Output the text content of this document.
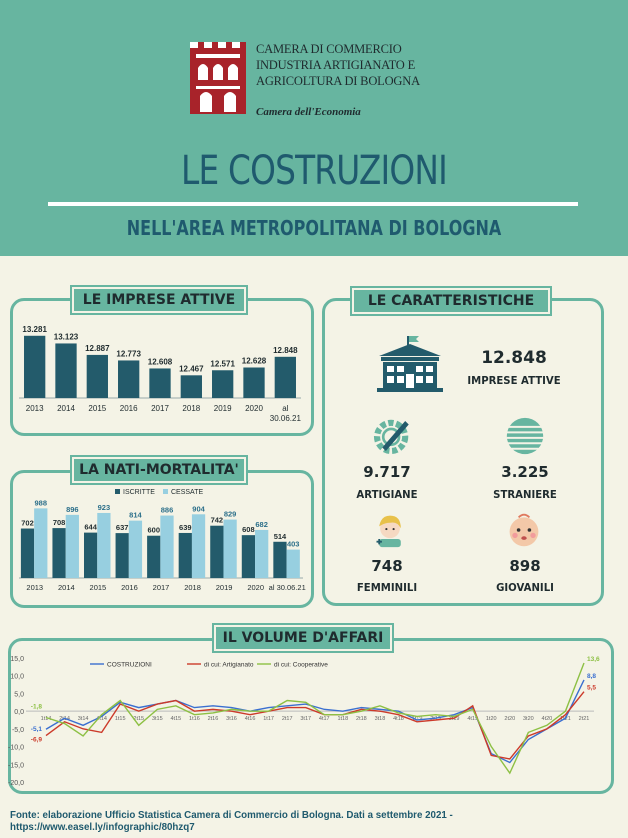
CAMERA DI COMMERCIO
INDUSTRIA ARTIGIANATO E
AGRICOLTURA DI BOLOGNA
Camera dell'Economia
LE COSTRUZIONI
NELL'AREA METROPOLITANA DI BOLOGNA
LE IMPRESE ATTIVE
13.281
2013
13.123
2014
12.887
2015
12.773
2016
12.608
2017
12.467
2018
12.571
2019
12.628
2020
12.848
al
30.06.21
LA NATI-MORTALITA'
ISCRITTE CESSATE
702
988
2013
708
896
2014
644
923
2015
637
814
2016
600
886
2017
639
904
2018
742
829
2019
608
682
2020
514
403
al 30.06.21
LE CARATTERISTICHE
12.848
IMPRESE ATTIVE
9.717
ARTIGIANE
3.225
STRANIERE
748
FEMMINILI
898
GIOVANILI
IL VOLUME D'AFFARI
15,0
10,0
5,0
0,0
-5,0
-10,0
-15,0
-20,0
1t14 2t14 3t14 4t14 1t15 2t15 3t15 4t15 1t16 2t16 3t16 4t16 1t17 2t17 3t17 4t17 1t18 2t18 3t18 4t18 1t19 2t19 3t19 4t19 1t20 2t20 3t20 4t20 1t21 2t21
COSTRUZIONI	di cui: Artigianato	di cui: Cooperative
-5,1
8,8
-6,9
5,5
-1,8
13,6
Fonte: elaborazione Ufficio Statistica Camera di Commercio di Bologna. Dati a settembre 2021 - https://www.easel.ly/infographic/80hzq7
